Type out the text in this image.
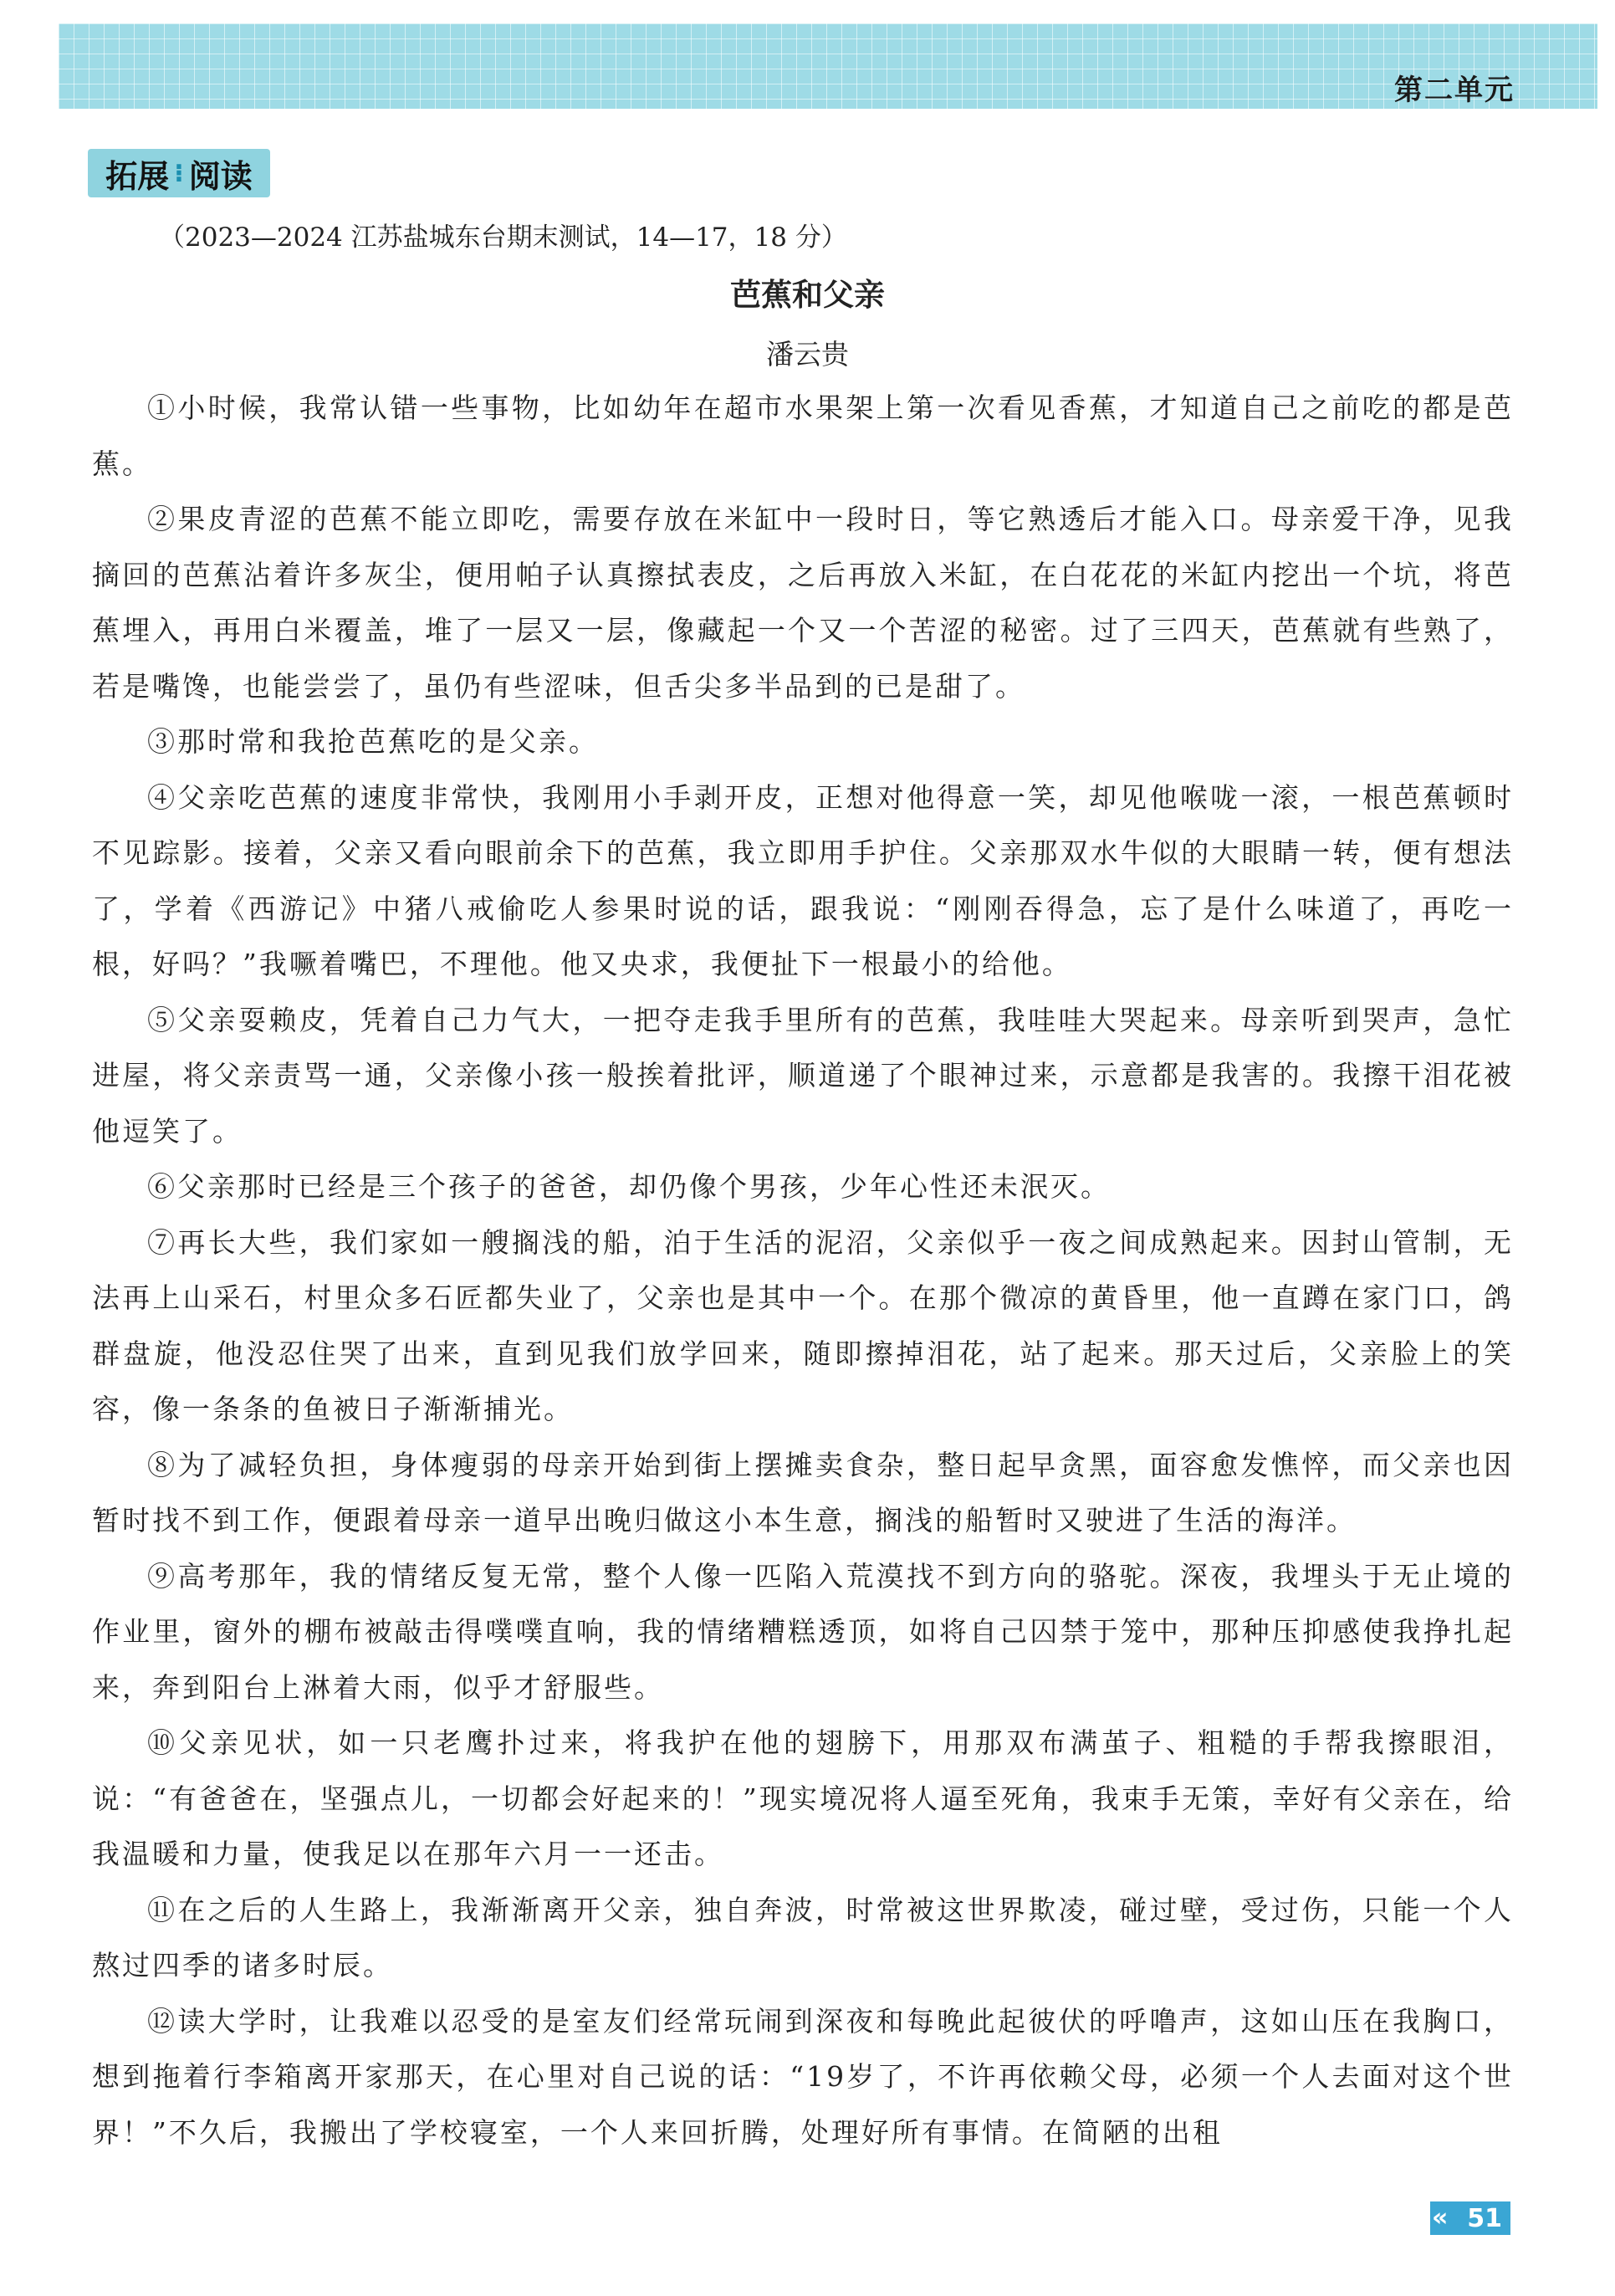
第二单元
拓展 ⁝ 阅读
（2023—2024 江苏盐城东台期末测试，14—17，18 分）
芭蕉和父亲
潘云贵

①小时候，我常认错一些事物，比如幼年在超市水果架上第一次看见香蕉，才知道自己之前吃的都是芭蕉。

②果皮青涩的芭蕉不能立即吃，需要存放在米缸中一段时日，等它熟透后才能入口。母亲爱干净，见我摘回的芭蕉沾着许多灰尘，便用帕子认真擦拭表皮，之后再放入米缸，在白花花的米缸内挖出一个坑，将芭蕉埋入，再用白米覆盖，堆了一层又一层，像藏起一个又一个苦涩的秘密。过了三四天，芭蕉就有些熟了，若是嘴馋，也能尝尝了，虽仍有些涩味，但舌尖多半品到的已是甜了。

③那时常和我抢芭蕉吃的是父亲。

④父亲吃芭蕉的速度非常快，我刚用小手剥开皮，正想对他得意一笑，却见他喉咙一滚，一根芭蕉顿时不见踪影。接着，父亲又看向眼前余下的芭蕉，我立即用手护住。父亲那双水牛似的大眼睛一转，便有想法了，学着《西游记》中猪八戒偷吃人参果时说的话，跟我说：“刚刚吞得急，忘了是什么味道了，再吃一根，好吗？”我噘着嘴巴，不理他。他又央求，我便扯下一根最小的给他。

⑤父亲耍赖皮，凭着自己力气大，一把夺走我手里所有的芭蕉，我哇哇大哭起来。母亲听到哭声，急忙进屋，将父亲责骂一通，父亲像小孩一般挨着批评，顺道递了个眼神过来，示意都是我害的。我擦干泪花被他逗笑了。

⑥父亲那时已经是三个孩子的爸爸，却仍像个男孩，少年心性还未泯灭。

⑦再长大些，我们家如一艘搁浅的船，泊于生活的泥沼，父亲似乎一夜之间成熟起来。因封山管制，无法再上山采石，村里众多石匠都失业了，父亲也是其中一个。在那个微凉的黄昏里，他一直蹲在家门口，鸽群盘旋，他没忍住哭了出来，直到见我们放学回来，随即擦掉泪花，站了起来。那天过后，父亲脸上的笑容，像一条条的鱼被日子渐渐捕光。

⑧为了减轻负担，身体瘦弱的母亲开始到街上摆摊卖食杂，整日起早贪黑，面容愈发憔悴，而父亲也因暂时找不到工作，便跟着母亲一道早出晚归做这小本生意，搁浅的船暂时又驶进了生活的海洋。

⑨高考那年，我的情绪反复无常，整个人像一匹陷入荒漠找不到方向的骆驼。深夜，我埋头于无止境的作业里，窗外的棚布被敲击得噗噗直响，我的情绪糟糕透顶，如将自己囚禁于笼中，那种压抑感使我挣扎起来，奔到阳台上淋着大雨，似乎才舒服些。

⑩父亲见状，如一只老鹰扑过来，将我护在他的翅膀下，用那双布满茧子、粗糙的手帮我擦眼泪，说：“有爸爸在，坚强点儿，一切都会好起来的！”现实境况将人逼至死角，我束手无策，幸好有父亲在，给我温暖和力量，使我足以在那年六月一一还击。

⑪在之后的人生路上，我渐渐离开父亲，独自奔波，时常被这世界欺凌，碰过壁，受过伤，只能一个人熬过四季的诸多时辰。

⑫读大学时，让我难以忍受的是室友们经常玩闹到深夜和每晚此起彼伏的呼噜声，这如山压在我胸口，想到拖着行李箱离开家那天，在心里对自己说的话：“19岁了，不许再依赖父母，必须一个人去面对这个世界！”不久后，我搬出了学校寝室，一个人来回折腾，处理好所有事情。在简陋的出租

51
«
